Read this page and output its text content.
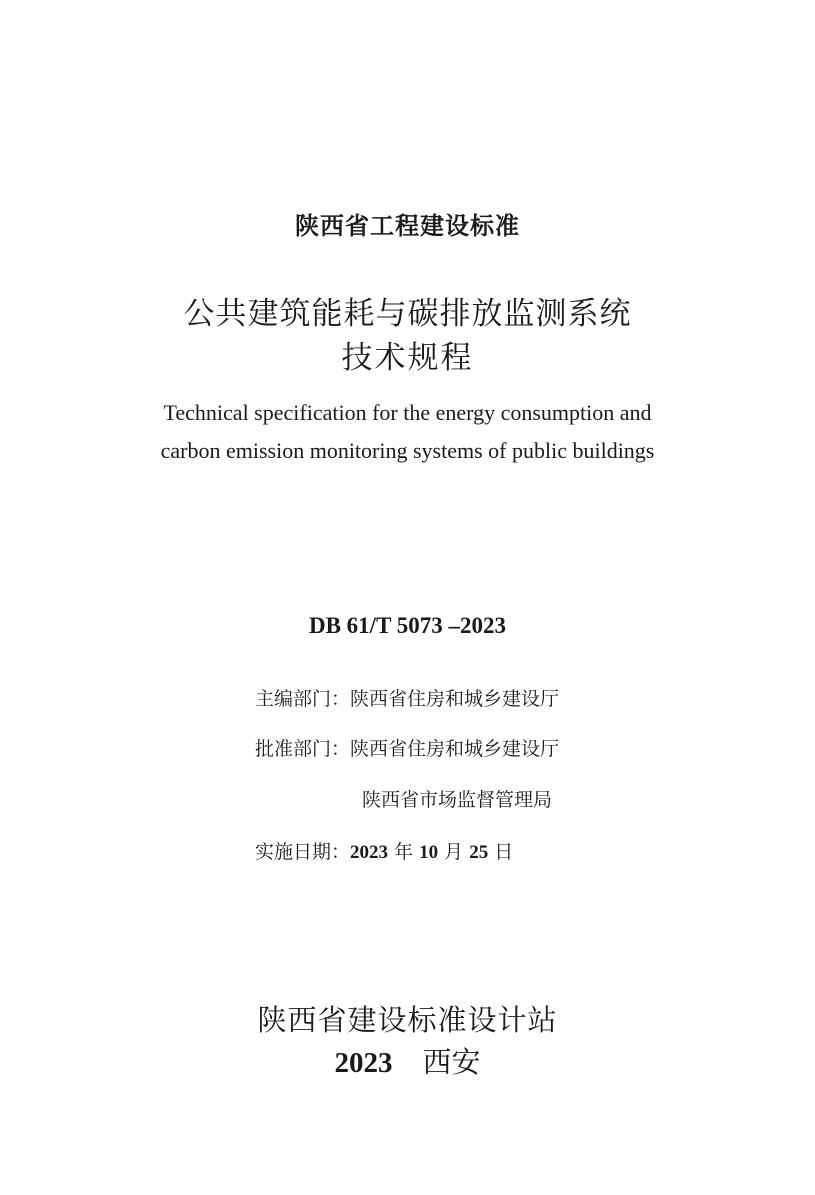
陕西省工程建设标准
公共建筑能耗与碳排放监测系统
技术规程
Technical specification for the energy consumption and
carbon emission monitoring systems of public buildings
DB 61/T 5073 –2023
主编部门：陕西省住房和城乡建设厅
批准部门：陕西省住房和城乡建设厅
陕西省市场监督管理局
实施日期：2023 年 10 月 25 日
陕西省建设标准设计站
2023 西安
